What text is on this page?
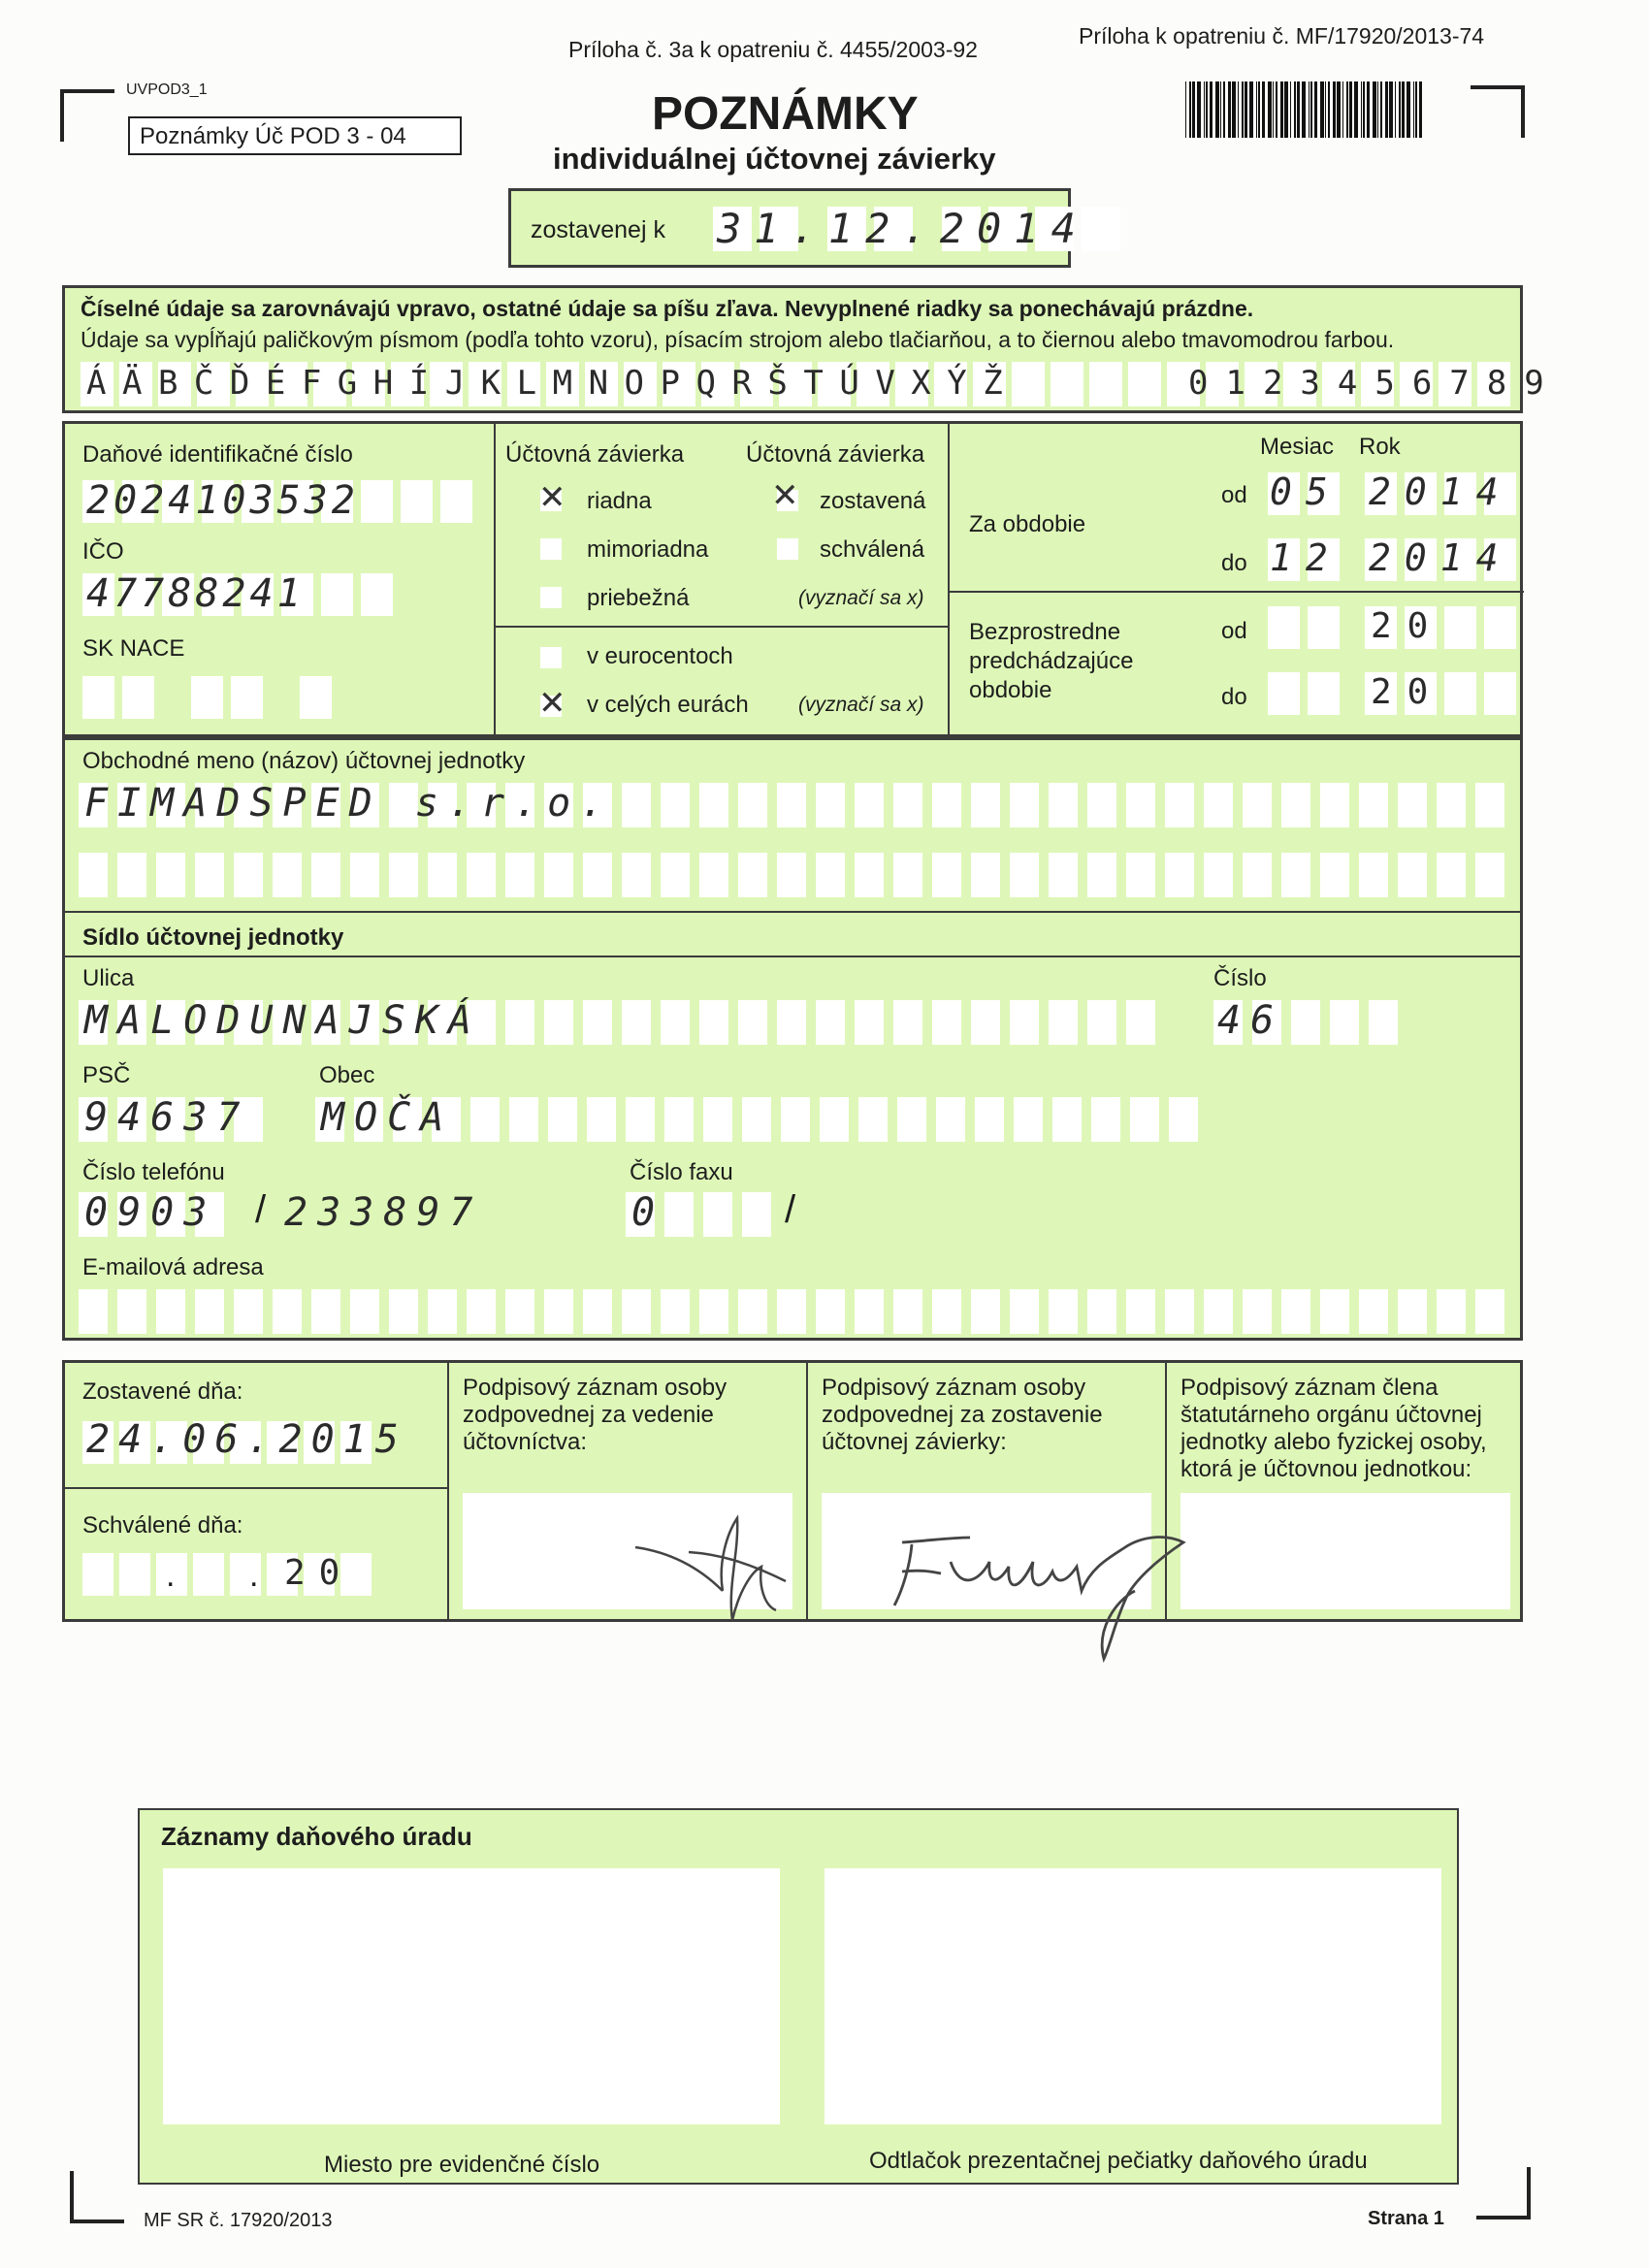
Príloha č. 3a k opatreniu č. 4455/2003-92
Príloha k opatreniu č. MF/17920/2013-74
UVPOD3_1
Poznámky Úč POD 3 - 04	POZNÁMKY
individuálnej účtovnej závierky
zostavenej k 31.12.2014
Číselné údaje sa zarovnávajú vpravo, ostatné údaje sa píšu zľava. Nevyplnené riadky sa ponechávajú prázdne.
Údaje sa vypĺňajú paličkovým písmom (podľa tohto vzoru), písacím strojom alebo tlačiarňou, a to čiernou alebo tmavomodrou farbou.
ÁÄBČĎÉFGHÍJKLMNOPQRŠTÚVXÝŽ	0123456789
Daňové identifikačné číslo
2024103532
IČO
47788241
SK NACE
Účtovná závierka
✕ riadna
mimoriadna
priebežná
Účtovná závierka
✕ zostavená
schválená
(vyznačí sa x)
v eurocentoch
✕ v celých eurách (vyznačí sa x)
Mesiac Rok
Za obdobie
od 05 2014
do 12 2014
Bezprostredne predchádzajúce obdobie
od	20
do	20
Obchodné meno (názov) účtovnej jednotky
FIMADSPED s.r.o.
Sídlo účtovnej jednotky
Ulica
MALODUNAJSKÁ
Číslo
46
PSČ
94637
Obec
MOČA
Číslo telefónu
0903 / 233897
Číslo faxu
0	/
E-mailová adresa
Zostavené dňa:
24.06.2015
Schválené dňa:
. . 20
Podpisový záznam osoby zodpovednej za vedenie účtovníctva:
Podpisový záznam osoby zodpovednej za zostavenie účtovnej závierky:
Podpisový záznam člena štatutárneho orgánu účtovnej jednotky alebo fyzickej osoby, ktorá je účtovnou jednotkou:
Záznamy daňového úradu
Miesto pre evidenčné číslo	Odtlačok prezentačnej pečiatky daňového úradu
MF SR č. 17920/2013	Strana 1
